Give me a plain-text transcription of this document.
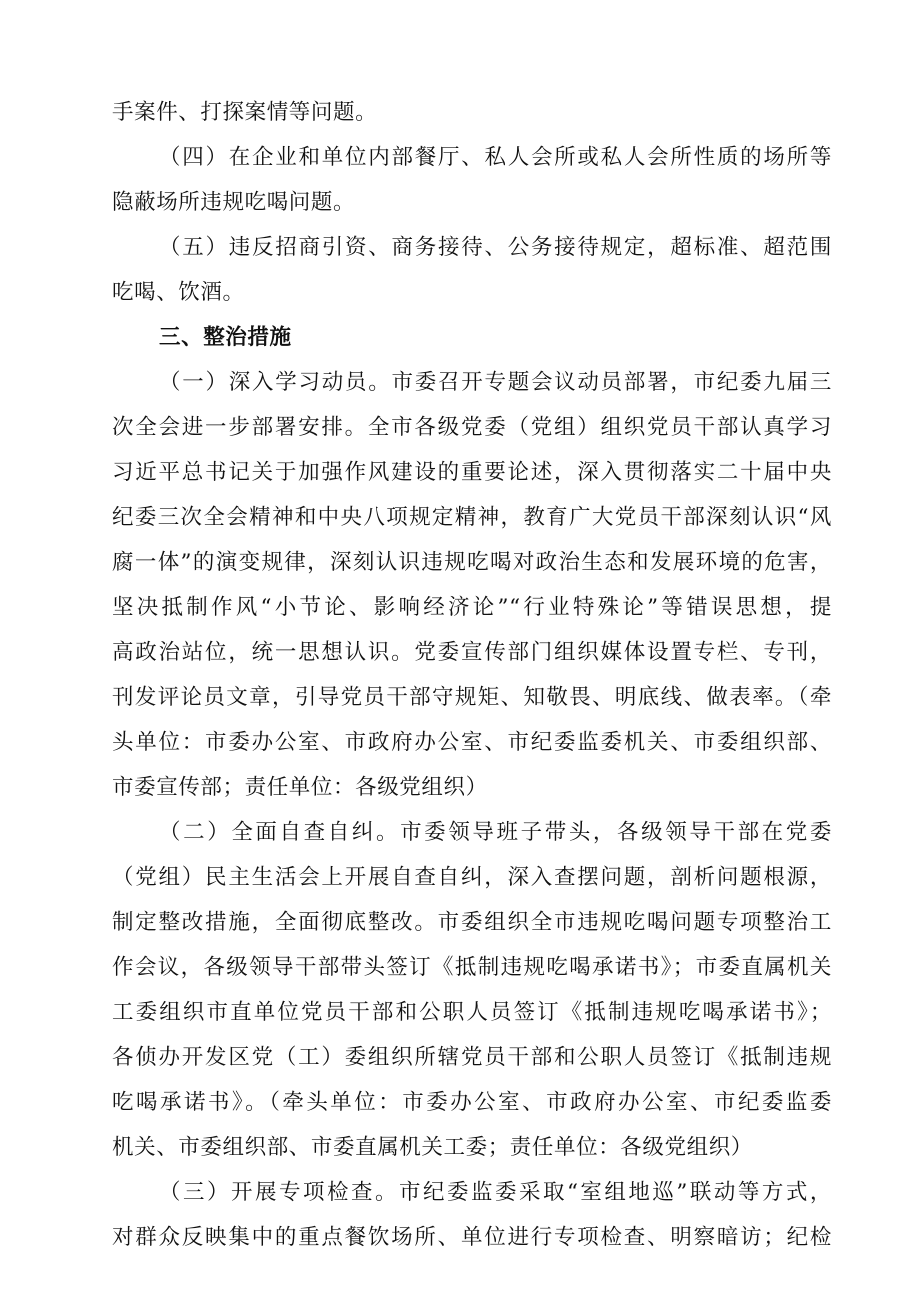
手案件、打探案情等问题。
（四）在企业和单位内部餐厅、私人会所或私人会所性质的场所等
隐蔽场所违规吃喝问题。
（五）违反招商引资、商务接待、公务接待规定，超标准、超范围
吃喝、饮酒。
三、整治措施
（一）深入学习动员。市委召开专题会议动员部署，市纪委九届三
次全会进一步部署安排。全市各级党委（党组）组织党员干部认真学习
习近平总书记关于加强作风建设的重要论述，深入贯彻落实二十届中央
纪委三次全会精神和中央八项规定精神，教育广大党员干部深刻认识“风
腐一体”的演变规律，深刻认识违规吃喝对政治生态和发展环境的危害，
坚决抵制作风“小节论、影响经济论”“行业特殊论”等错误思想，提
高政治站位，统一思想认识。党委宣传部门组织媒体设置专栏、专刊，
刊发评论员文章，引导党员干部守规矩、知敬畏、明底线、做表率。（牵
头单位：市委办公室、市政府办公室、市纪委监委机关、市委组织部、
市委宣传部；责任单位：各级党组织）
（二）全面自查自纠。市委领导班子带头，各级领导干部在党委
（党组）民主生活会上开展自查自纠，深入查摆问题，剖析问题根源，
制定整改措施，全面彻底整改。市委组织全市违规吃喝问题专项整治工
作会议，各级领导干部带头签订《抵制违规吃喝承诺书》；市委直属机关
工委组织市直单位党员干部和公职人员签订《抵制违规吃喝承诺书》；
各侦办开发区党（工）委组织所辖党员干部和公职人员签订《抵制违规
吃喝承诺书》。（牵头单位：市委办公室、市政府办公室、市纪委监委
机关、市委组织部、市委直属机关工委；责任单位：各级党组织）
（三）开展专项检查。市纪委监委采取“室组地巡”联动等方式，
对群众反映集中的重点餐饮场所、单位进行专项检查、明察暗访；纪检
